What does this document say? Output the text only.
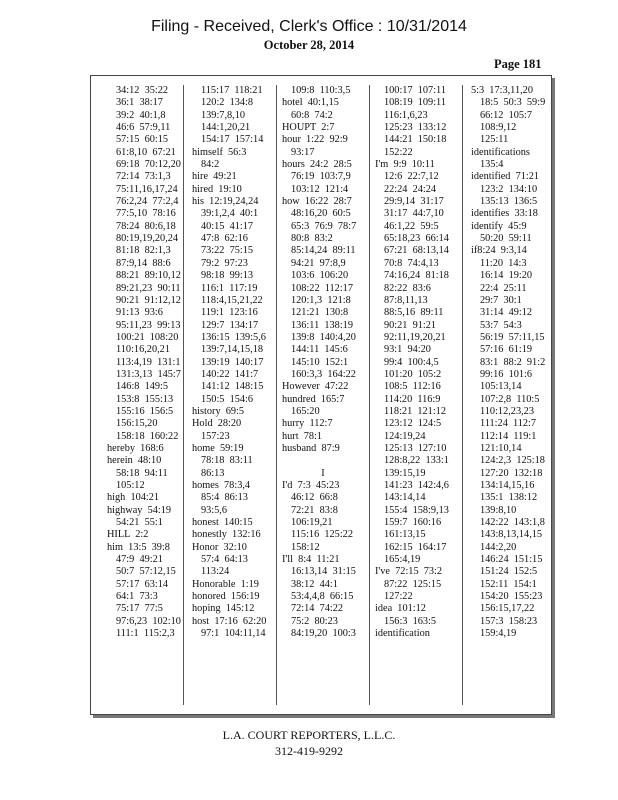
Filing - Received, Clerk's Office : 10/31/2014
October 28, 2014
Page 181
34:12  35:22
36:1  38:17
39:2  40:1,8
46:6  57:9,11
57:15  60:15
61:8,10  67:21
69:18  70:12,20
72:14  73:1,3
75:11,16,17,24
76:2,24  77:2,4
77:5,10  78:16
78:24  80:6,18
80:19,19,20,24
81:18  82:1,3
87:9,14  88:6
88:21  89:10,12
89:21,23  90:11
90:21  91:12,12
91:13  93:6
95:11,23  99:13
100:21  108:20
110:16,20,21
113:4,19  131:1
131:3,13  145:7
146:8  149:5
153:8  155:13
155:16  156:5
156:15,20
158:18  160:22
hereby  168:6
herein  48:10
58:18  94:11
105:12
high  104:21
highway  54:19
54:21  55:1
HILL  2:2
him  13:5  39:8
47:9  49:21
50:7  57:12,15
57:17  63:14
64:1  73:3
75:17  77:5
97:6,23  102:10
111:1  115:2,3
115:17  118:21
120:2  134:8
139:7,8,10
144:1,20,21
154:17  157:14
himself  56:3
84:2
hire  49:21
hired  19:10
his  12:19,24,24
39:1,2,4  40:1
40:15  41:17
47:8  62:16
73:22  75:15
79:2  97:23
98:18  99:13
116:1  117:19
118:4,15,21,22
119:1  123:16
129:7  134:17
136:15  139:5,6
139:7,14,15,18
139:19  140:17
140:22  141:7
141:12  148:15
150:5  154:6
history  69:5
Hold  28:20
157:23
home  59:19
78:18  83:11
86:13
homes  78:3,4
85:4  86:13
93:5,6
honest  140:15
honestly  132:16
Honor  32:10
57:4  64:13
113:24
Honorable  1:19
honored  156:19
hoping  145:12
host  17:16  62:20
97:1  104:11,14
109:8  110:3,5
hotel  40:1,15
60:8  74:2
HOUPT  2:7
hour  1:22  92:9
93:17
hours  24:2  28:5
76:19  103:7,9
103:12  121:4
how  16:22  28:7
48:16,20  60:5
65:3  76:9  78:7
80:8  83:2
85:14,24  89:11
94:21  97:8,9
103:6  106:20
108:22  112:17
120:1,3  121:8
121:21  130:8
136:11  138:19
139:8  140:4,20
144:11  145:6
145:10  152:1
160:3,3  164:22
However  47:22
hundred  165:7
165:20
hurry  112:7
hurt  78:1
husband  87:9
I
I'd  7:3  45:23
46:12  66:8
72:21  83:8
106:19,21
115:16  125:22
158:12
I'll  8:4  11:21
16:13,14  31:15
38:12  44:1
53:4,4,8  66:15
72:14  74:22
75:2  80:23
84:19,20  100:3
100:17  107:11
108:19  109:11
116:1,6,23
125:23  133:12
144:21  150:18
152:22
I'm  9:9  10:11
12:6  22:7,12
22:24  24:24
29:9,14  31:17
31:17  44:7,10
46:1,22  59:5
65:18,23  66:14
67:21  68:13,14
70:8  74:4,13
74:16,24  81:18
82:22  83:6
87:8,11,13
88:5,16  89:11
90:21  91:21
92:11,19,20,21
93:1  94:20
99:4  100:4,5
101:20  105:2
108:5  112:16
114:20  116:9
118:21  121:12
123:12  124:5
124:19,24
125:13  127:10
128:8,22  133:1
139:15,19
141:23  142:4,6
143:14,14
155:4  158:9,13
159:7  160:16
161:13,15
162:15  164:17
165:4,19
I've  72:15  73:2
87:22  125:15
127:22
idea  101:12
156:3  163:5
identification
5:3  17:3,11,20
18:5  50:3  59:9
66:12  105:7
108:9,12
125:11
identifications
135:4
identified  71:21
123:2  134:10
135:13  136:5
identifies  33:18
identify  45:9
50:20  59:11
if8:24  9:3,14
11:20  14:3
16:14  19:20
22:4  25:11
29:7  30:1
31:14  49:12
53:7  54:3
56:19  57:11,15
57:16  61:19
83:1  88:2  91:2
99:16  101:6
105:13,14
107:2,8  110:5
110:12,23,23
111:24  112:7
112:14  119:1
121:10,14
124:2,3  125:18
127:20  132:18
134:14,15,16
135:1  138:12
139:8,10
142:22  143:1,8
143:8,13,14,15
144:2,20
146:24  151:15
151:24  152:5
152:11  154:1
154:20  155:23
156:15,17,22
157:3  158:23
159:4,19
L.A. COURT REPORTERS, L.L.C.
312-419-9292
